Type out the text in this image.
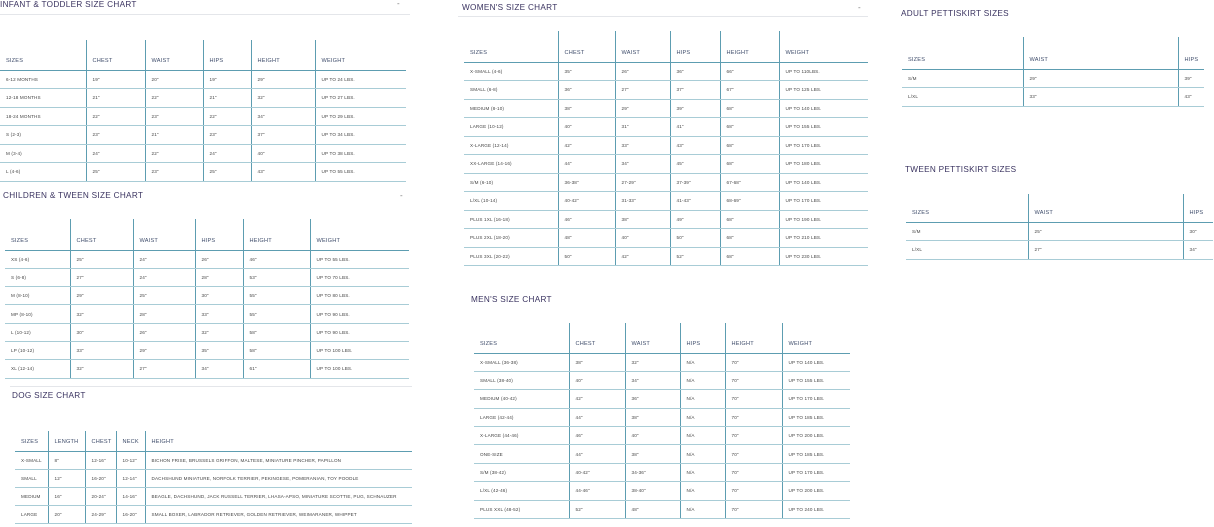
INFANT & TODDLER SIZE CHART	-
CHILDREN & TWEEN SIZE CHART	-
DOG SIZE CHART
WOMEN'S SIZE CHART	-
MEN'S SIZE CHART
ADULT PETTISKIRT SIZES
TWEEN PETTISKIRT SIZES
SIZES	CHEST	WAIST	HIPS	HEIGHT	WEIGHT
6-12 MONTHS	19"	20"	19"	29"	UP TO 24 LBS.
12-18 MONTHS	21"	22"	21"	32"	UP TO 27 LBS.
18-24 MONTHS	22"	23"	22"	34"	UP TO 29 LBS.
S (2-3)	23"	21"	23"	37"	UP TO 34 LBS.
M (3-4)	24"	22"	24"	40"	UP TO 38 LBS.
L (4-6)	25"	23"	25"	43"	UP TO 55 LBS.
SIZES	CHEST	WAIST	HIPS	HEIGHT	WEIGHT
XS (4-6)	25"	24"	26"	46"	UP TO 55 LBS.
S (6-8)	27"	24"	28"	53"	UP TO 70 LBS.
M (8-10)	29"	25"	30"	55"	UP TO 80 LBS.
MP (8-10)	32"	28"	33"	55"	UP TO 90 LBS.
L (10-12)	30"	26"	32"	58"	UP TO 90 LBS.
LP (10-12)	33"	29"	35"	58"	UP TO 100 LBS.
XL (12-14)	32"	27"	34"	61"	UP TO 100 LBS.
SIZES	LENGTH	CHEST	NECK	HEIGHT
X-SMALL	8"	12-16"	10-12"	BICHON FRISE, BRUSSELS GRIFFON, MALTESE, MINIATURE PINCHER, PAPILLON
SMALL	12"	16-20"	12-14"	DACHSHUND MINIATURE, NORFOLK TERRIER, PEKINGESE, POMERANIAN, TOY POODLE
MEDIUM	16"	20-24"	14-16"	BEAGLE, DACHSHUND, JACK RUSSELL TERRIER, LHASA-APSO, MINIATURE SCOTTIE, PUG, SCHNAUZER
LARGE	20"	24-29"	16-20"	SMALL BOXER, LABRADOR RETRIEVER, GOLDEN RETRIEVER, WEIMARANER, WHIPPET
SIZES	CHEST	WAIST	HIPS	HEIGHT	WEIGHT
X-SMALL (4-6)	35"	26"	36"	66"	UP TO 110LBS.
SMALL (6-8)	36"	27"	37"	67"	UP TO 125 LBS.
MEDIUM (8-10)	38"	29"	39"	68"	UP TO 140 LBS.
LARGE (10-12)	40"	31"	41"	68"	UP TO 155 LBS.
X-LARGE (12-14)	42"	33"	43"	68"	UP TO 170 LBS.
XX-LARGE (14-16)	44"	34"	45"	68"	UP TO 180 LBS.
S/M (6-10)	36-38"	27-29"	37-39"	67-68"	UP TO 140 LBS.
L/XL (10-14)	40-42"	31-33"	41-43"	68-69"	UP TO 170 LBS.
PLUS 1XL (16-18)	46"	38"	49"	68"	UP TO 190 LBS.
PLUS 2XL (18-20)	48"	40"	50"	68"	UP TO 210 LBS.
PLUS 3XL (20-22)	50"	42"	52"	68"	UP TO 230 LBS.
SIZES	CHEST	WAIST	HIPS	HEIGHT	WEIGHT
X-SMALL (36-38)	38"	32"	N/A	70"	UP TO 140 LBS.
SMALL (38-40)	40"	34"	N/A	70"	UP TO 155 LBS.
MEDIUM (40-42)	42"	36"	N/A	70"	UP TO 170 LBS.
LARGE (42-44)	44"	38"	N/A	70"	UP TO 185 LBS.
X-LARGE (44-46)	46"	40"	N/A	70"	UP TO 200 LBS.
ONE-SIZE	44"	38"	N/A	70"	UP TO 185 LBS.
S/M (38-42)	40-42"	34-36"	N/A	70"	UP TO 170 LBS.
L/XL (42-46)	44-46"	38-40"	N/A	70"	UP TO 200 LBS.
PLUS XXL (48-52)	52"	48"	N/A	70"	UP TO 240 LBS.
SIZES	WAIST	HIPS
S/M	29"	39"
L/XL	33"	43"
SIZES	WAIST	HIPS
S/M	25"	30"
L/XL	27"	34"
